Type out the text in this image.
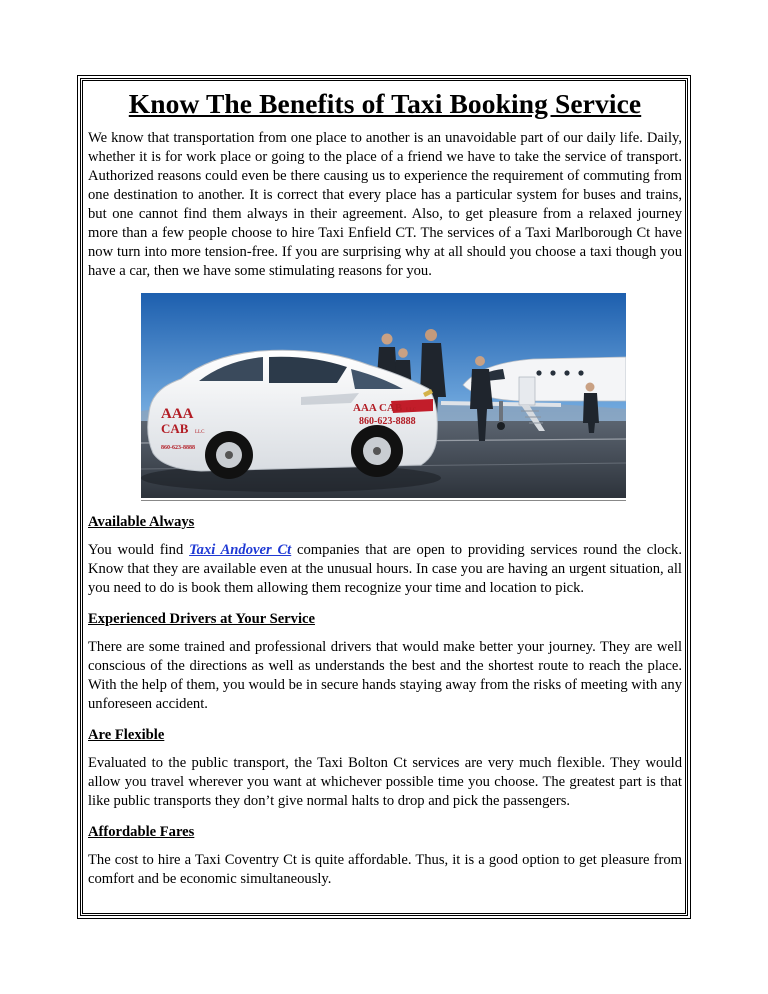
Know The Benefits of Taxi Booking Service

We know that transportation from one place to another is an unavoidable part of our daily life. Daily, whether it is for work place or going to the place of a friend we have to take the service of transport. Authorized reasons could even be there causing us to experience the requirement of commuting from one destination to another. It is correct that every place has a particular system for buses and trains, but one cannot find them always in their agreement. Also, to get pleasure from a relaxed journey more than a few people choose to hire Taxi Enfield CT. The services of a Taxi Marlborough Ct have now turn into more tension-free. If you are surprising why at all should you choose a taxi though you have a car, then we have some stimulating reasons for you.

AAA
CAB LLC
860-623-8888
AAA CAB LLC
860-623-8888
Available Always

You would find Taxi Andover Ct companies that are open to providing services round the clock. Know that they are available even at the unusual hours. In case you are having an urgent situation, all you need to do is book them allowing them recognize your time and location to pick.

Experienced Drivers at Your Service

There are some trained and professional drivers that would make better your journey. They are well conscious of the directions as well as understands the best and the shortest route to reach the place. With the help of them, you would be in secure hands staying away from the risks of meeting with any unforeseen accident.

Are Flexible

Evaluated to the public transport, the Taxi Bolton Ct services are very much flexible. They would allow you travel wherever you want at whichever possible time you choose. The greatest part is that like public transports they don’t give normal halts to drop and pick the passengers.

Affordable Fares

The cost to hire a Taxi Coventry Ct is quite affordable. Thus, it is a good option to get pleasure from comfort and be economic simultaneously.
